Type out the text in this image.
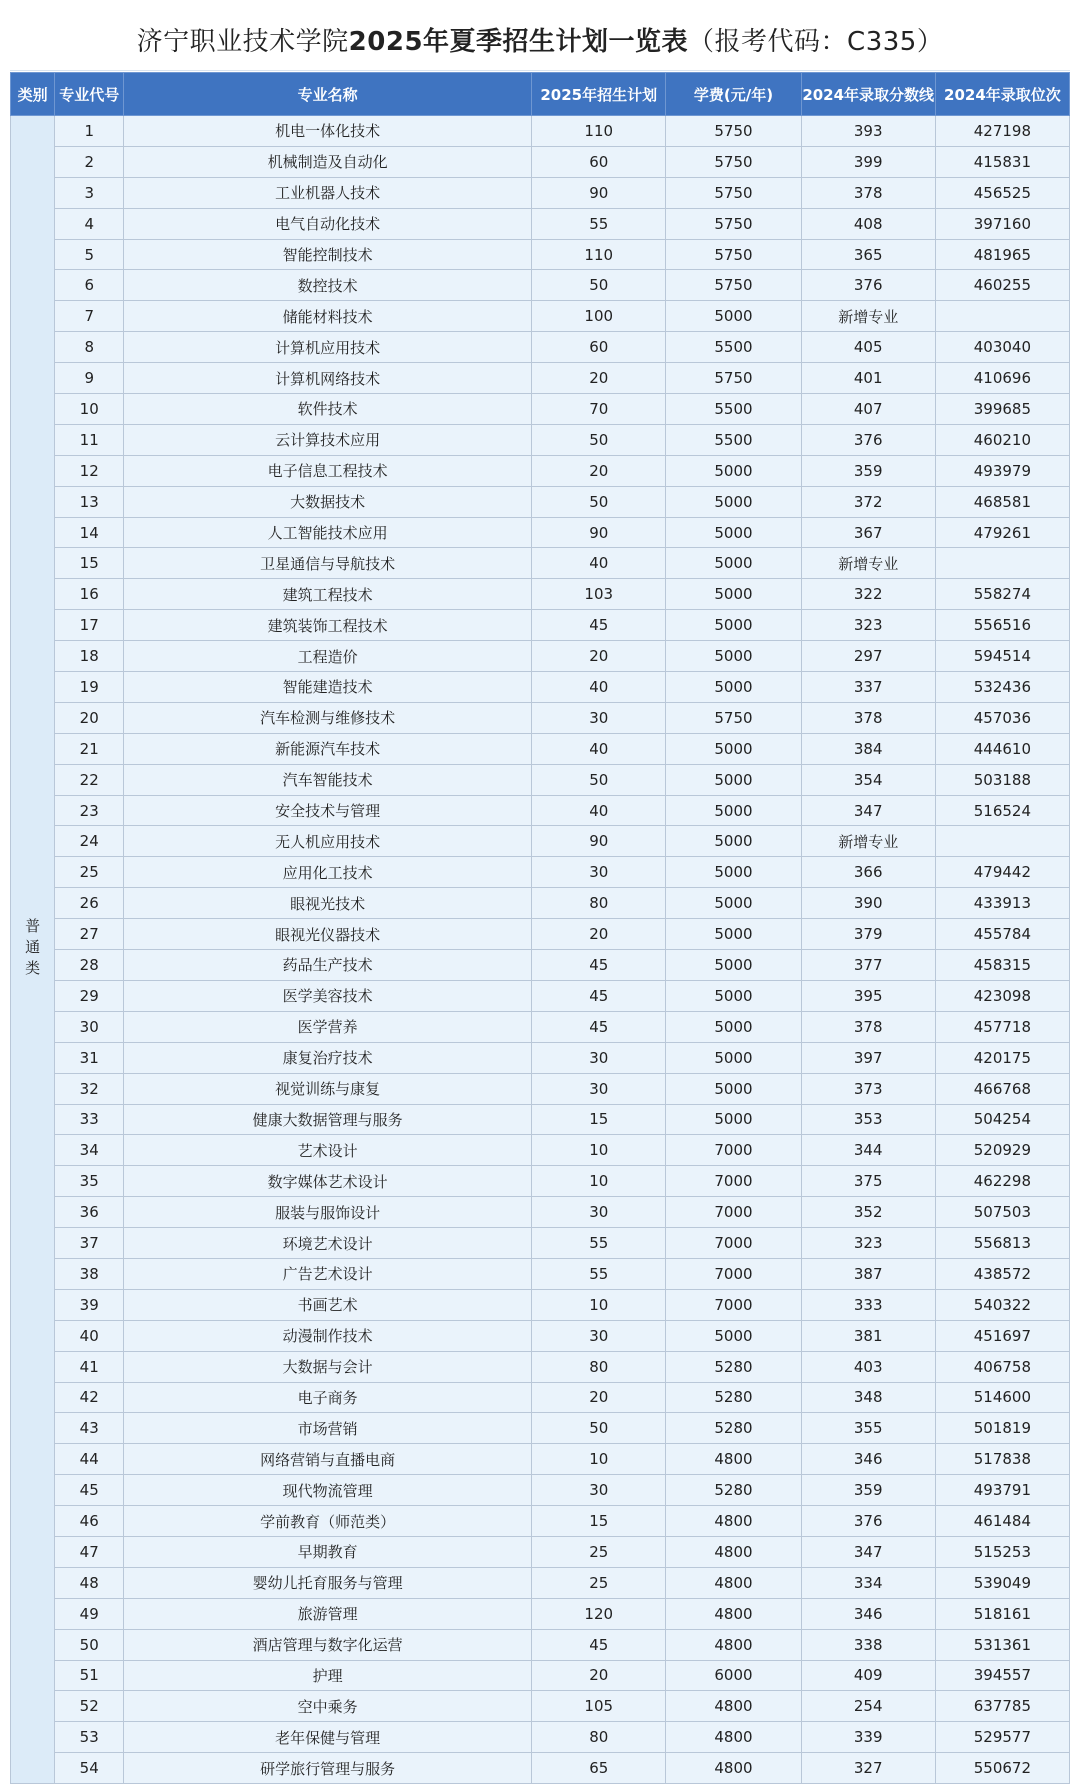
济宁职业技术学院 2025年夏季招生计划一览表 （报考代码：C335）
类别	专业代号	专业名称	2025年招生计划	学费(元/年)	2024年录取分数线	2024年录取位次
普通类	1	机电一体化技术	110	5750	393	427198
	2	机械制造及自动化	60	5750	399	415831
	3	工业机器人技术	90	5750	378	456525
	4	电气自动化技术	55	5750	408	397160
	5	智能控制技术	110	5750	365	481965
	6	数控技术	50	5750	376	460255
	7	储能材料技术	100	5000	新增专业	
	8	计算机应用技术	60	5500	405	403040
	9	计算机网络技术	20	5750	401	410696
	10	软件技术	70	5500	407	399685
	11	云计算技术应用	50	5500	376	460210
	12	电子信息工程技术	20	5000	359	493979
	13	大数据技术	50	5000	372	468581
	14	人工智能技术应用	90	5000	367	479261
	15	卫星通信与导航技术	40	5000	新增专业	
	16	建筑工程技术	103	5000	322	558274
	17	建筑装饰工程技术	45	5000	323	556516
	18	工程造价	20	5000	297	594514
	19	智能建造技术	40	5000	337	532436
	20	汽车检测与维修技术	30	5750	378	457036
	21	新能源汽车技术	40	5000	384	444610
	22	汽车智能技术	50	5000	354	503188
	23	安全技术与管理	40	5000	347	516524
	24	无人机应用技术	90	5000	新增专业	
	25	应用化工技术	30	5000	366	479442
	26	眼视光技术	80	5000	390	433913
	27	眼视光仪器技术	20	5000	379	455784
	28	药品生产技术	45	5000	377	458315
	29	医学美容技术	45	5000	395	423098
	30	医学营养	45	5000	378	457718
	31	康复治疗技术	30	5000	397	420175
	32	视觉训练与康复	30	5000	373	466768
	33	健康大数据管理与服务	15	5000	353	504254
	34	艺术设计	10	7000	344	520929
	35	数字媒体艺术设计	10	7000	375	462298
	36	服装与服饰设计	30	7000	352	507503
	37	环境艺术设计	55	7000	323	556813
	38	广告艺术设计	55	7000	387	438572
	39	书画艺术	10	7000	333	540322
	40	动漫制作技术	30	5000	381	451697
	41	大数据与会计	80	5280	403	406758
	42	电子商务	20	5280	348	514600
	43	市场营销	50	5280	355	501819
	44	网络营销与直播电商	10	4800	346	517838
	45	现代物流管理	30	5280	359	493791
	46	学前教育（师范类）	15	4800	376	461484
	47	早期教育	25	4800	347	515253
	48	婴幼儿托育服务与管理	25	4800	334	539049
	49	旅游管理	120	4800	346	518161
	50	酒店管理与数字化运营	45	4800	338	531361
	51	护理	20	6000	409	394557
	52	空中乘务	105	4800	254	637785
	53	老年保健与管理	80	4800	339	529577
	54	研学旅行管理与服务	65	4800	327	550672
